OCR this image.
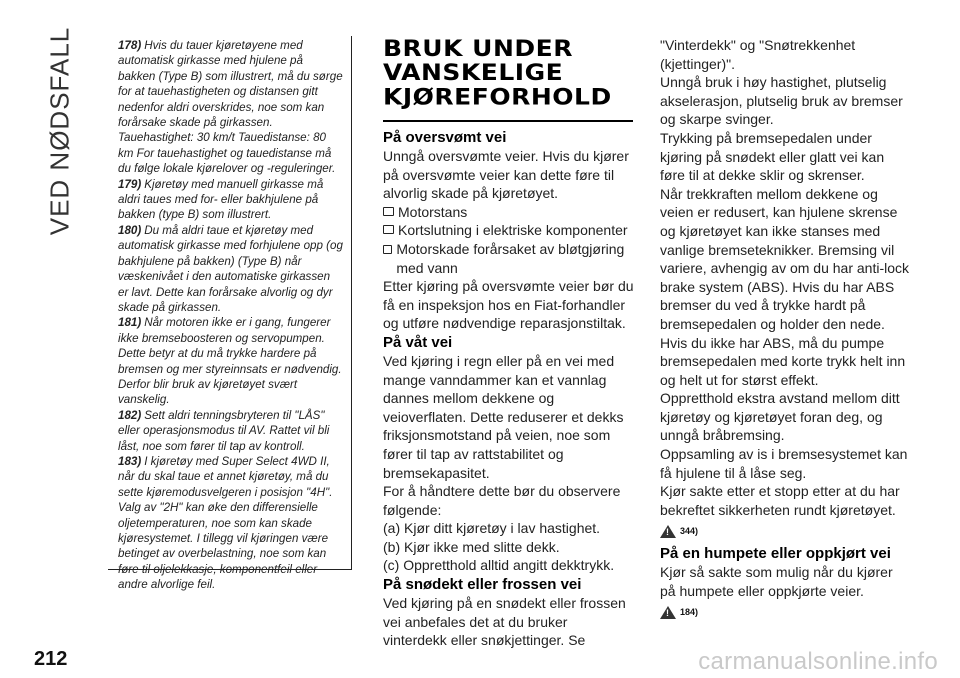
VED NØDSFALL	178) Hvis du tauer kjøretøyene med automatisk girkasse med hjulene på bakken (Type B) som illustrert, må du sørge for at tauehastigheten og distansen gitt nedenfor aldri overskrides, noe som kan forårsake skade på girkassen. Tauehastighet: 30 km/t Tauedistanse: 80 km For tauehastighet og tauedistanse må du følge lokale kjørelover og -reguleringer.

179) Kjøretøy med manuell girkasse må aldri taues med for- eller bakhjulene på bakken (type B) som illustrert.

180) Du må aldri taue et kjøretøy med automatisk girkasse med forhjulene opp (og bakhjulene på bakken) (Type B) når væskenivået i den automatiske girkassen er lavt. Dette kan forårsake alvorlig og dyr skade på girkassen.

181) Når motoren ikke er i gang, fungerer ikke bremseboosteren og servopumpen. Dette betyr at du må trykke hardere på bremsen og mer styreinnsats er nødvendig. Derfor blir bruk av kjøretøyet svært vanskelig.

182) Sett aldri tenningsbryteren til "LÅS" eller operasjonsmodus til AV. Rattet vil bli låst, noe som fører til tap av kontroll.

183) I kjøretøy med Super Select 4WD II, når du skal taue et annet kjøretøy, må du sette kjøremodusvelgeren i posisjon "4H". Valg av "2H" kan øke den differensielle oljetemperaturen, noe som kan skade kjøresystemet. I tillegg vil kjøringen være betinget av overbelastning, noe som kan føre til oljelekkasje, komponentfeil eller andre alvorlige feil.

BRUK UNDER VANSKELIGE KJØREFORHOLD

På oversvømt vei

Unngå oversvømte veier. Hvis du kjører på oversvømte veier kan dette føre til alvorlig skade på kjøretøyet.

Motorstans
Kortslutning i elektriske komponenter
Motorskade forårsaket av bløtgjøring med vann

Etter kjøring på oversvømte veier bør du få en inspeksjon hos en Fiat-forhandler og utføre nødvendige reparasjonstiltak.

På våt vei

Ved kjøring i regn eller på en vei med mange vanndammer kan et vannlag dannes mellom dekkene og veioverflaten. Dette reduserer et dekks friksjonsmotstand på veien, noe som fører til tap av rattstabilitet og bremsekapasitet.

For å håndtere dette bør du observere følgende:

(a) Kjør ditt kjøretøy i lav hastighet.

(b) Kjør ikke med slitte dekk.

(c) Oppretthold alltid angitt dekktrykk.

På snødekt eller frossen vei

Ved kjøring på en snødekt eller frossen vei anbefales det at du bruker vinterdekk eller snøkjettinger. Se

"Vinterdekk" og "Snøtrekkenhet (kjettinger)".

Unngå bruk i høy hastighet, plutselig akselerasjon, plutselig bruk av bremser og skarpe svinger.

Trykking på bremsepedalen under kjøring på snødekt eller glatt vei kan føre til at dekke sklir og skrenser.

Når trekkraften mellom dekkene og veien er redusert, kan hjulene skrense og kjøretøyet kan ikke stanses med vanlige bremseteknikker. Bremsing vil variere, avhengig av om du har anti-lock brake system (ABS). Hvis du har ABS bremser du ved å trykke hardt på bremsepedalen og holder den nede. Hvis du ikke har ABS, må du pumpe bremsepedalen med korte trykk helt inn og helt ut for størst effekt.

Oppretthold ekstra avstand mellom ditt kjøretøy og kjøretøyet foran deg, og unngå bråbremsing.

Oppsamling av is i bremsesystemet kan få hjulene til å låse seg.

Kjør sakte etter et stopp etter at du har bekreftet sikkerheten rundt kjøretøyet.

!
344)

På en humpete eller oppkjørt vei

Kjør så sakte som mulig når du kjører på humpete eller oppkjørte veier.

!
184)
212	carmanualsonline.info
